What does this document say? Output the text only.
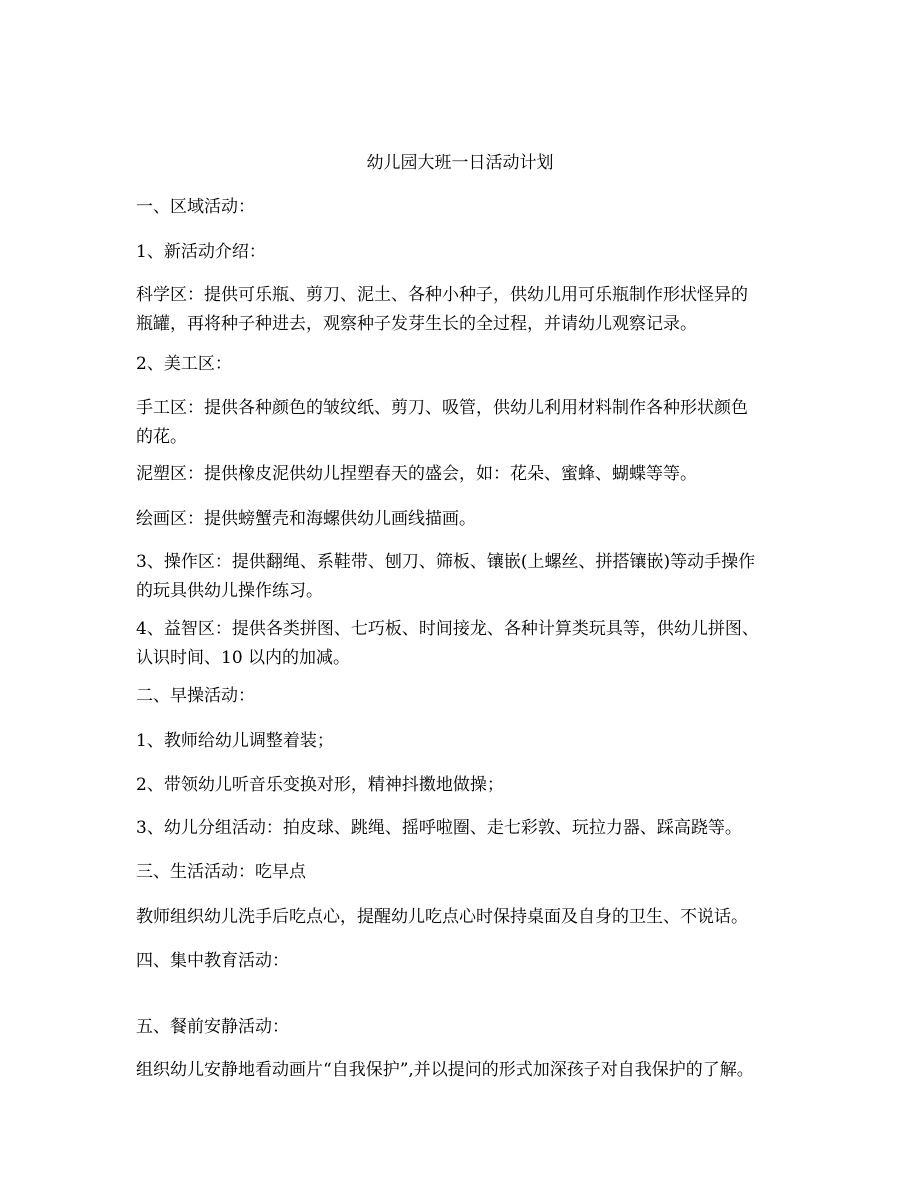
幼儿园大班一日活动计划
一、区域活动：
1、新活动介绍：
科学区：提供可乐瓶、剪刀、泥土、各种小种子，供幼儿用可乐瓶制作形状怪异的
瓶罐，再将种子种进去，观察种子发芽生长的全过程，并请幼儿观察记录。
2、美工区：
手工区：提供各种颜色的皱纹纸、剪刀、吸管，供幼儿利用材料制作各种形状颜色
的花。
泥塑区：提供橡皮泥供幼儿捏塑春天的盛会，如：花朵、蜜蜂、蝴蝶等等。
绘画区：提供螃蟹壳和海螺供幼儿画线描画。
3、操作区：提供翻绳、系鞋带、刨刀、筛板、镶嵌(上螺丝、拼搭镶嵌)等动手操作
的玩具供幼儿操作练习。
4、益智区：提供各类拼图、七巧板、时间接龙、各种计算类玩具等，供幼儿拼图、
认识时间、10 以内的加减。
二、早操活动：
1、教师给幼儿调整着装；
2、带领幼儿听音乐变换对形，精神抖擞地做操；
3、幼儿分组活动：拍皮球、跳绳、摇呼啦圈、走七彩敦、玩拉力器、踩高跷等。
三、生活活动：吃早点
教师组织幼儿洗手后吃点心，提醒幼儿吃点心时保持桌面及自身的卫生、不说话。
四、集中教育活动：
五、餐前安静活动：
组织幼儿安静地看动画片“自我保护”,并以提问的形式加深孩子对自我保护的了解。
